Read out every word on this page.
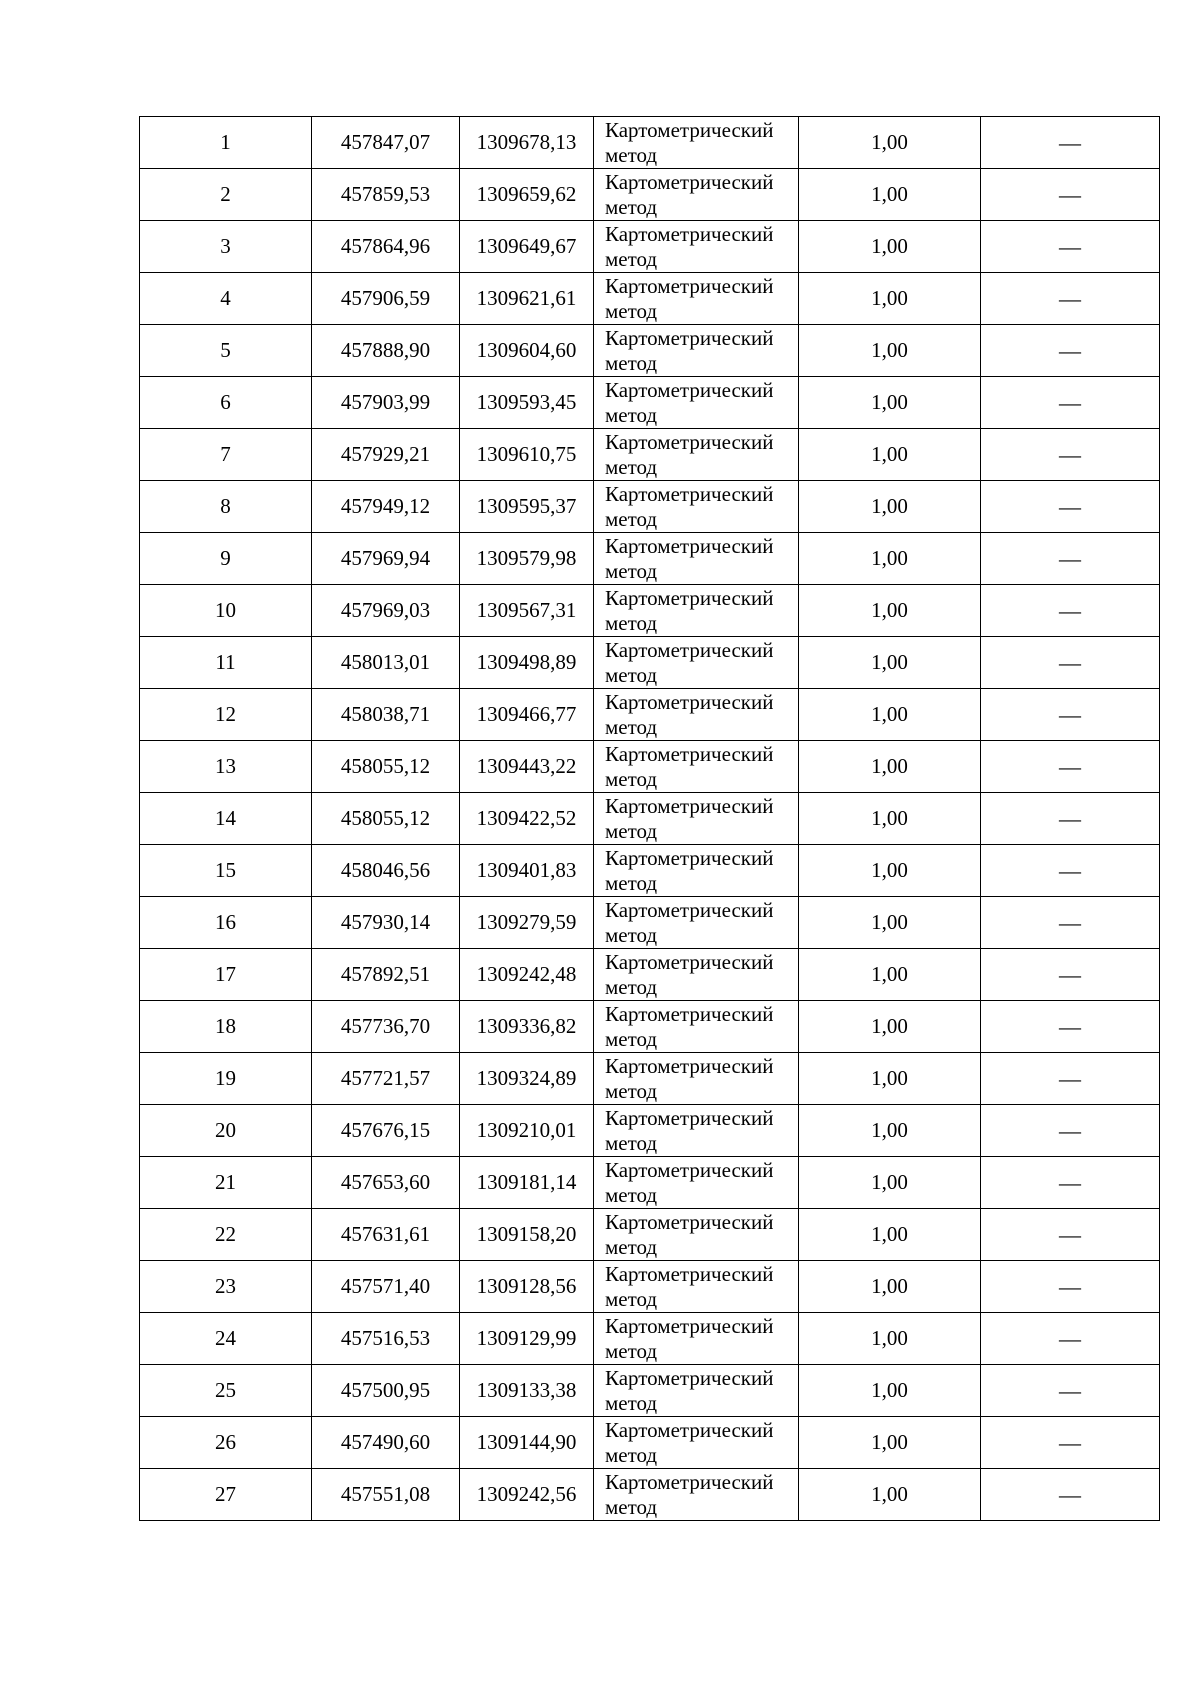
1	457847,07	1309678,13	Картометрический метод	1,00	—
2	457859,53	1309659,62	Картометрический метод	1,00	—
3	457864,96	1309649,67	Картометрический метод	1,00	—
4	457906,59	1309621,61	Картометрический метод	1,00	—
5	457888,90	1309604,60	Картометрический метод	1,00	—
6	457903,99	1309593,45	Картометрический метод	1,00	—
7	457929,21	1309610,75	Картометрический метод	1,00	—
8	457949,12	1309595,37	Картометрический метод	1,00	—
9	457969,94	1309579,98	Картометрический метод	1,00	—
10	457969,03	1309567,31	Картометрический метод	1,00	—
11	458013,01	1309498,89	Картометрический метод	1,00	—
12	458038,71	1309466,77	Картометрический метод	1,00	—
13	458055,12	1309443,22	Картометрический метод	1,00	—
14	458055,12	1309422,52	Картометрический метод	1,00	—
15	458046,56	1309401,83	Картометрический метод	1,00	—
16	457930,14	1309279,59	Картометрический метод	1,00	—
17	457892,51	1309242,48	Картометрический метод	1,00	—
18	457736,70	1309336,82	Картометрический метод	1,00	—
19	457721,57	1309324,89	Картометрический метод	1,00	—
20	457676,15	1309210,01	Картометрический метод	1,00	—
21	457653,60	1309181,14	Картометрический метод	1,00	—
22	457631,61	1309158,20	Картометрический метод	1,00	—
23	457571,40	1309128,56	Картометрический метод	1,00	—
24	457516,53	1309129,99	Картометрический метод	1,00	—
25	457500,95	1309133,38	Картометрический метод	1,00	—
26	457490,60	1309144,90	Картометрический метод	1,00	—
27	457551,08	1309242,56	Картометрический метод	1,00	—
